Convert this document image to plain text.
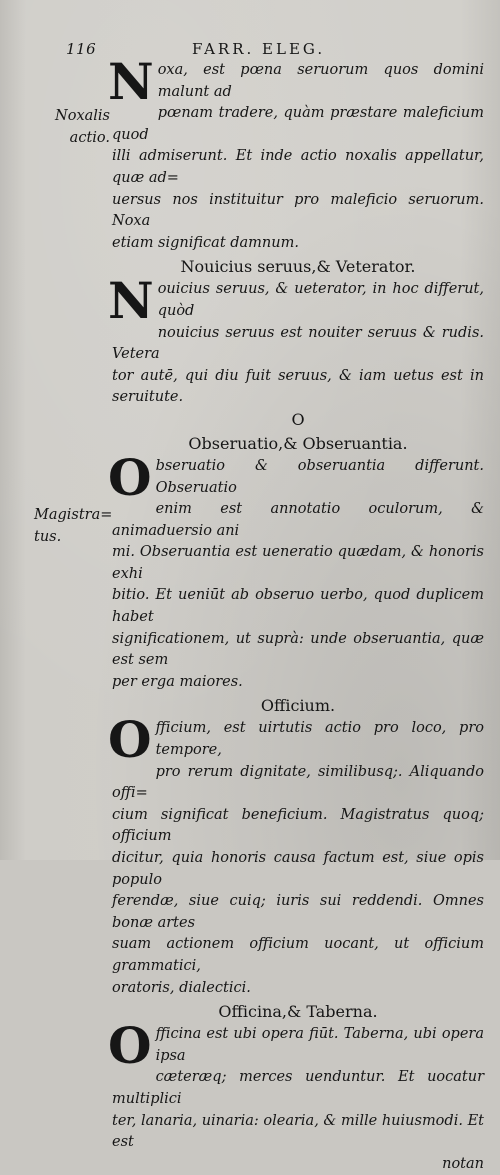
116	FARR. ELEG.
Noxalis
actio.
Magistra=
tus.
N oxa, est pœna seruorum quos domini malunt ad

pœnam tradere, quàm præstare maleficium quod

illi admiserunt. Et inde actio noxalis appellatur, quæ ad=

uersus nos instituitur pro maleficio seruorum. Noxa

etiam significat damnum.

Nouicius seruus,& Veterator.
N ouicius seruus, & ueterator, in hoc differut, quòd

nouicius seruus est nouiter seruus & rudis. Vetera

tor autē, qui diu fuit seruus, & iam uetus est in seruitute.

O
Obseruatio,& Obseruantia.
O bseruatio & obseruantia differunt. Obseruatio

enim est annotatio oculorum, & animaduersio ani

mi. Obseruantia est ueneratio quædam, & honoris exhi

bitio. Et ueniūt ab obseruo uerbo, quod duplicem habet

significationem, ut suprà: unde obseruantia, quæ est sem

per erga maiores.

Officium.
O fficium, est uirtutis actio pro loco, pro tempore,

pro rerum dignitate, similibusq;. Aliquando offi=

cium significat beneficium. Magistratus quoq; officium

dicitur, quia honoris causa factum est, siue opis populo

ferendæ, siue cuiq; iuris sui reddendi. Omnes bonæ artes

suam actionem officium uocant, ut officium grammatici,

oratoris, dialectici.

Officina,& Taberna.
O fficina est ubi opera fiūt. Taberna, ubi opera ipsa

cæteræq; merces uenduntur. Et uocatur multiplici

ter, lanaria, uinaria: olearia, & mille huiusmodi. Et est

notan
